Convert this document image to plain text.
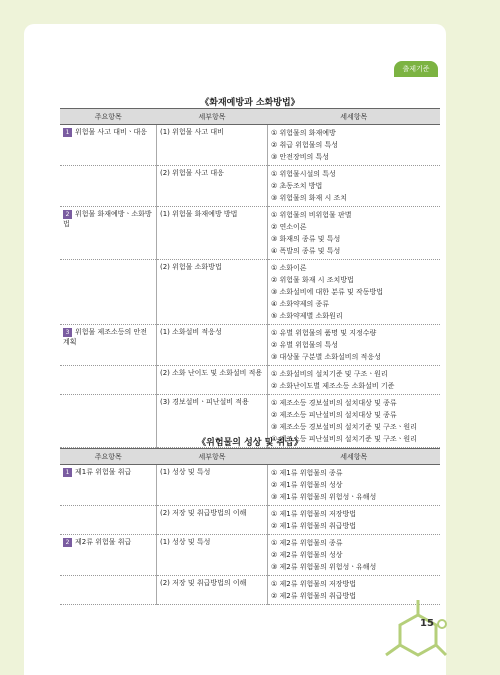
출제기준
《화재예방과 소화방법》
주요항목	세부항목	세세항목
1 위험물 사고 대비ㆍ대응	(1) 위험물 사고 대비	① 위험물의 화재예방
② 취급 위험물의 특성
③ 안전장비의 특성

	(2) 위험물 사고 대응	① 위험물시설의 특성
② 초동조치 방법
③ 위험물의 화재 시 조치

2 위험물 화재예방ㆍ소화방법	(1) 위험물 화재예방 방법	① 위험물의 비위험물 판별
② 연소이론
③ 화재의 종류 및 특성
④ 폭발의 종류 및 특성

	(2) 위험물 소화방법	① 소화이론
② 위험물 화재 시 조치방법
③ 소화설비에 대한 분류 및 작동방법
④ 소화약제의 종류
⑤ 소화약제별 소화원리

3 위험물 제조소등의 안전계획	(1) 소화설비 적응성	① 유별 위험물의 품명 및 지정수량
② 유별 위험물의 특성
③ 대상물 구분별 소화설비의 적응성

	(2) 소화 난이도 및 소화설비 적용	① 소화설비의 설치기준 및 구조ㆍ원리
② 소화난이도별 제조소등 소화설비 기준

	(3) 경보설비ㆍ피난설비 적용	① 제조소등 경보설비의 설치대상 및 종류
② 제조소등 피난설비의 설치대상 및 종류
③ 제조소등 경보설비의 설치기준 및 구조ㆍ원리
④ 제조소등 피난설비의 설치기준 및 구조ㆍ원리
《위험물의 성상 및 취급》
주요항목	세부항목	세세항목
1 제1류 위험물 취급	(1) 성상 및 특성	① 제1류 위험물의 종류
② 제1류 위험물의 성상
③ 제1류 위험물의 위험성ㆍ유해성

	(2) 저장 및 취급방법의 이해	① 제1류 위험물의 저장방법
② 제1류 위험물의 취급방법

2 제2류 위험물 취급	(1) 성상 및 특성	① 제2류 위험물의 종류
② 제2류 위험물의 성상
③ 제2류 위험물의 위험성ㆍ유해성

	(2) 저장 및 취급방법의 이해	① 제2류 위험물의 저장방법
② 제2류 위험물의 취급방법
15
